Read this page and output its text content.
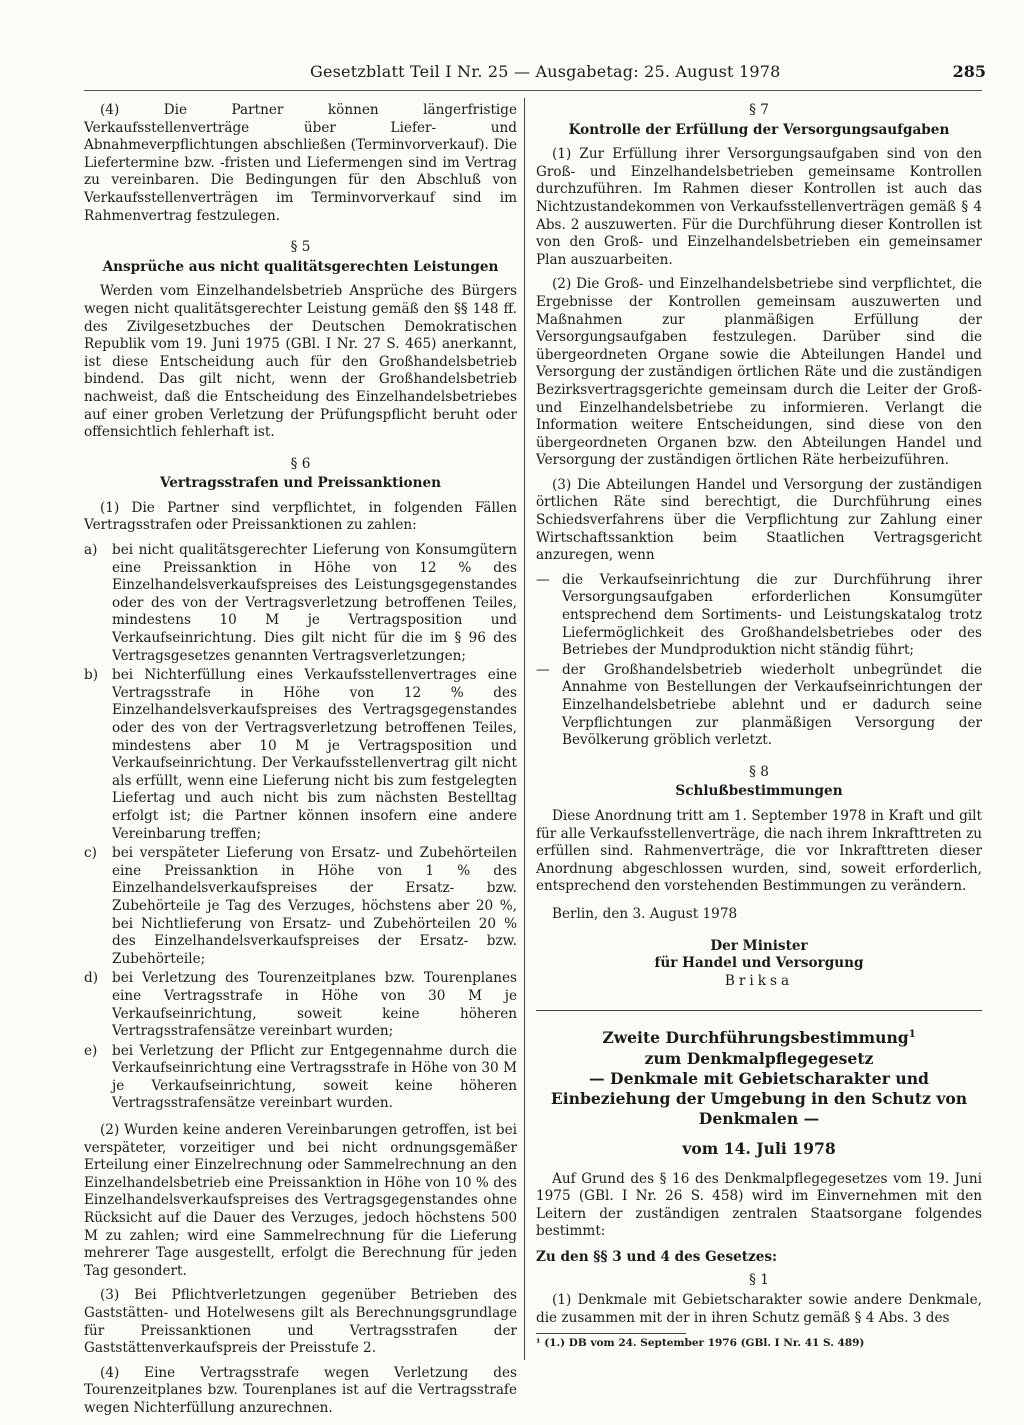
Gesetzblatt Teil I Nr. 25 — Ausgabetag: 25. August 1978	285

(4) Die Partner können längerfristige Verkaufsstellenverträge über Liefer- und Abnahmeverpflichtungen abschließen (Terminvorverkauf). Die Liefertermine bzw. -fristen und Liefermengen sind im Vertrag zu vereinbaren. Die Bedingungen für den Abschluß von Verkaufsstellenverträgen im Terminvorverkauf sind im Rahmenvertrag festzulegen.

§ 5

Ansprüche aus nicht qualitätsgerechten Leistungen

Werden vom Einzelhandelsbetrieb Ansprüche des Bürgers wegen nicht qualitätsgerechter Leistung gemäß den §§ 148 ff. des Zivilgesetzbuches der Deutschen Demokratischen Republik vom 19. Juni 1975 (GBl. I Nr. 27 S. 465) anerkannt, ist diese Entscheidung auch für den Großhandelsbetrieb bindend. Das gilt nicht, wenn der Großhandelsbetrieb nachweist, daß die Entscheidung des Einzelhandelsbetriebes auf einer groben Verletzung der Prüfungspflicht beruht oder offensichtlich fehlerhaft ist.

§ 6

Vertragsstrafen und Preissanktionen

(1) Die Partner sind verpflichtet, in folgenden Fällen Vertragsstrafen oder Preissanktionen zu zahlen:

a) bei nicht qualitätsgerechter Lieferung von Konsumgütern eine Preissanktion in Höhe von 12 % des Einzelhandelsverkaufspreises des Leistungsgegenstandes oder des von der Vertragsverletzung betroffenen Teiles, mindestens 10 M je Vertragsposition und Verkaufseinrichtung. Dies gilt nicht für die im § 96 des Vertragsgesetzes genannten Vertragsverletzungen;
b) bei Nichterfüllung eines Verkaufsstellenvertrages eine Vertragsstrafe in Höhe von 12 % des Einzelhandelsverkaufspreises des Vertragsgegenstandes oder des von der Vertragsverletzung betroffenen Teiles, mindestens aber 10 M je Vertragsposition und Verkaufseinrichtung. Der Verkaufsstellenvertrag gilt nicht als erfüllt, wenn eine Lieferung nicht bis zum festgelegten Liefertag und auch nicht bis zum nächsten Bestelltag erfolgt ist; die Partner können insofern eine andere Vereinbarung treffen;
c) bei verspäteter Lieferung von Ersatz- und Zubehörteilen eine Preissanktion in Höhe von 1 % des Einzelhandelsverkaufspreises der Ersatz- bzw. Zubehörteile je Tag des Verzuges, höchstens aber 20 %, bei Nichtlieferung von Ersatz- und Zubehörteilen 20 % des Einzelhandelsverkaufspreises der Ersatz- bzw. Zubehörteile;
d) bei Verletzung des Tourenzeitplanes bzw. Tourenplanes eine Vertragsstrafe in Höhe von 30 M je Verkaufseinrichtung, soweit keine höheren Vertragsstrafensätze vereinbart wurden;
e) bei Verletzung der Pflicht zur Entgegennahme durch die Verkaufseinrichtung eine Vertragsstrafe in Höhe von 30 M je Verkaufseinrichtung, soweit keine höheren Vertragsstrafensätze vereinbart wurden.

(2) Wurden keine anderen Vereinbarungen getroffen, ist bei verspäteter, vorzeitiger und bei nicht ordnungsgemäßer Erteilung einer Einzelrechnung oder Sammelrechnung an den Einzelhandelsbetrieb eine Preissanktion in Höhe von 10 % des Einzelhandelsverkaufspreises des Vertragsgegenstandes ohne Rücksicht auf die Dauer des Verzuges, jedoch höchstens 500 M zu zahlen; wird eine Sammelrechnung für die Lieferung mehrerer Tage ausgestellt, erfolgt die Berechnung für jeden Tag gesondert.

(3) Bei Pflichtverletzungen gegenüber Betrieben des Gaststätten- und Hotelwesens gilt als Berechnungsgrundlage für Preissanktionen und Vertragsstrafen der Gaststättenverkaufspreis der Preisstufe 2.

(4) Eine Vertragsstrafe wegen Verletzung des Tourenzeitplanes bzw. Tourenplanes ist auf die Vertragsstrafe wegen Nichterfüllung anzurechnen.

§ 7

Kontrolle der Erfüllung der Versorgungsaufgaben

(1) Zur Erfüllung ihrer Versorgungsaufgaben sind von den Groß- und Einzelhandelsbetrieben gemeinsame Kontrollen durchzuführen. Im Rahmen dieser Kontrollen ist auch das Nichtzustandekommen von Verkaufsstellenverträgen gemäß § 4 Abs. 2 auszuwerten. Für die Durchführung dieser Kontrollen ist von den Groß- und Einzelhandelsbetrieben ein gemeinsamer Plan auszuarbeiten.

(2) Die Groß- und Einzelhandelsbetriebe sind verpflichtet, die Ergebnisse der Kontrollen gemeinsam auszuwerten und Maßnahmen zur planmäßigen Erfüllung der Versorgungsaufgaben festzulegen. Darüber sind die übergeordneten Organe sowie die Abteilungen Handel und Versorgung der zuständigen örtlichen Räte und die zuständigen Bezirksvertragsgerichte gemeinsam durch die Leiter der Groß- und Einzelhandelsbetriebe zu informieren. Verlangt die Information weitere Entscheidungen, sind diese von den übergeordneten Organen bzw. den Abteilungen Handel und Versorgung der zuständigen örtlichen Räte herbeizuführen.

(3) Die Abteilungen Handel und Versorgung der zuständigen örtlichen Räte sind berechtigt, die Durchführung eines Schiedsverfahrens über die Verpflichtung zur Zahlung einer Wirtschaftssanktion beim Staatlichen Vertragsgericht anzuregen, wenn

— die Verkaufseinrichtung die zur Durchführung ihrer Versorgungsaufgaben erforderlichen Konsumgüter entsprechend dem Sortiments- und Leistungskatalog trotz Liefermöglichkeit des Großhandelsbetriebes oder des Betriebes der Mundproduktion nicht ständig führt;
— der Großhandelsbetrieb wiederholt unbegründet die Annahme von Bestellungen der Verkaufseinrichtungen der Einzelhandelsbetriebe ablehnt und er dadurch seine Verpflichtungen zur planmäßigen Versorgung der Bevölkerung gröblich verletzt.

§ 8

Schlußbestimmungen

Diese Anordnung tritt am 1. September 1978 in Kraft und gilt für alle Verkaufsstellenverträge, die nach ihrem Inkrafttreten zu erfüllen sind. Rahmenverträge, die vor Inkrafttreten dieser Anordnung abgeschlossen wurden, sind, soweit erforderlich, entsprechend den vorstehenden Bestimmungen zu verändern.

Berlin, den 3. August 1978

Der Minister

für Handel und Versorgung

Briksa

Zweite Durchführungsbestimmung$^1$

zum Denkmalpflegegesetz

— Denkmale mit Gebietscharakter und Einbeziehung der Umgebung in den Schutz von Denkmalen —

vom 14. Juli 1978

Auf Grund des § 16 des Denkmalpflegegesetzes vom 19. Juni 1975 (GBl. I Nr. 26 S. 458) wird im Einvernehmen mit den Leitern der zuständigen zentralen Staatsorgane folgendes bestimmt:

Zu den §§ 3 und 4 des Gesetzes:

§ 1

(1) Denkmale mit Gebietscharakter sowie andere Denkmale, die zusammen mit der in ihren Schutz gemäß § 4 Abs. 3 des

¹ (1.) DB vom 24. September 1976 (GBl. I Nr. 41 S. 489)
